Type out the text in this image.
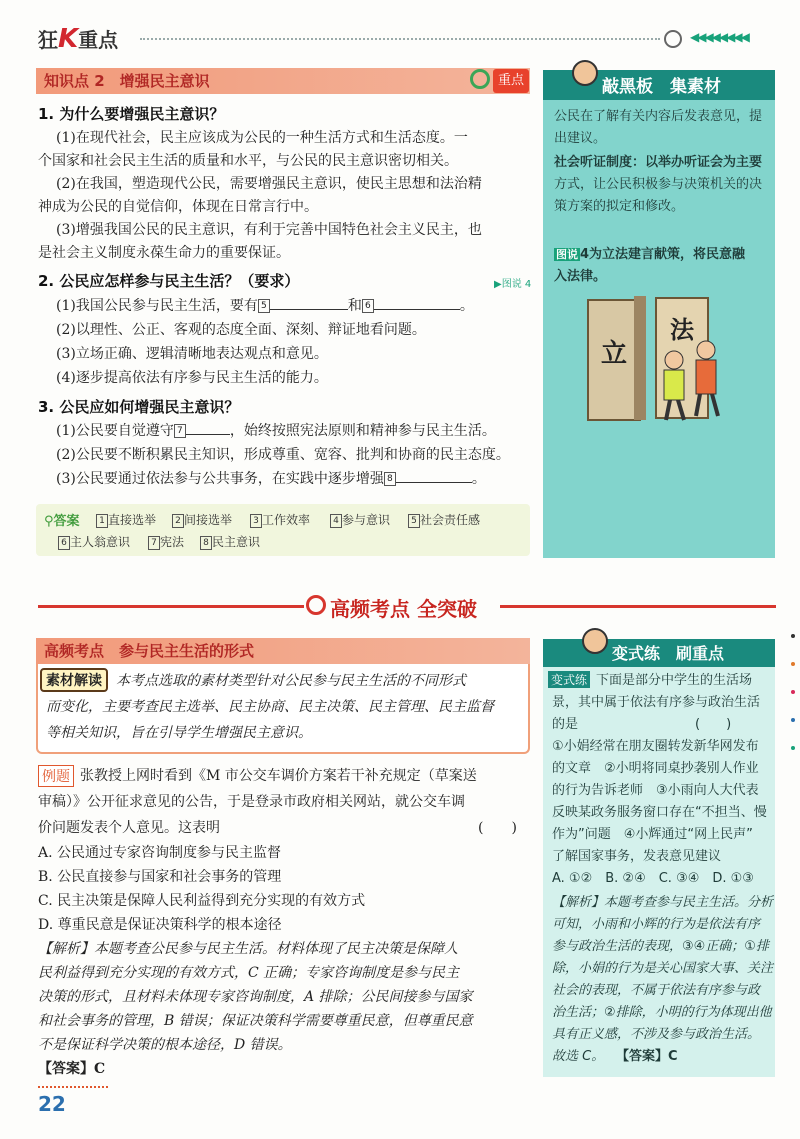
狂K重点	◀◀◀◀◀◀◀◀
知识点 2　增强民主意识	重点
1. 为什么要增强民主意识？
(1)在现代社会，民主应该成为公民的一种生活方式和生活态度。一
个国家和社会民主生活的质量和水平，与公民的民主意识密切相关。
(2)在我国，塑造现代公民，需要增强民主意识，使民主思想和法治精
神成为公民的自觉信仰，体现在日常言行中。
(3)增强我国公民的民主意识，有利于完善中国特色社会主义民主，也
是社会主义制度永葆生命力的重要保证。
2. 公民应怎样参与民主生活？（要求）	▶图说 4
(1)我国公民参与民主生活，要有 5	和 6	。
(2)以理性、公正、客观的态度全面、深刻、辩证地看问题。
(3)立场正确、逻辑清晰地表达观点和意见。
(4)逐步提高依法有序参与民主生活的能力。
3. 公民应如何增强民主意识？
(1)公民要自觉遵守 7	，始终按照宪法原则和精神参与民主生活。
(2)公民要不断积累民主知识，形成尊重、宽容、批判和协商的民主态度。
(3)公民要通过依法参与公共事务，在实践中逐步增强 8	。
⚲答案	1 直接选举	2 间接选举	3 工作效率	4 参与意识	5 社会责任感
6 主人翁意识	7 宪法	8 民主意识
敲黑板　集素材
公民在了解有关内容后发表意见，提
出建议。
社会听证制度：以举办听证会为主要
方式，让公民积极参与决策机关的决
策方案的拟定和修改。
图说 4为立法建言献策，将民意融
入法律。
立
法
高频考点 全突破
高频考点　参与民主生活的形式
素材解读	本考点选取的素材类型针对公民参与民主生活的不同形式
而变化，主要考查民主选举、民主协商、民主决策、民主管理、民主监督
等相关知识，旨在引导学生增强民主意识。
例题 张教授上网时看到《M 市公交车调价方案若干补充规定（草案送
审稿）》公开征求意见的公告，于是登录市政府相关网站，就公交车调
价问题发表个人意见。这表明	(　　)
A. 公民通过专家咨询制度参与民主监督
B. 公民直接参与国家和社会事务的管理
C. 民主决策是保障人民利益得到充分实现的有效方式
D. 尊重民意是保证决策科学的根本途径
【解析】本题考查公民参与民主生活。材料体现了民主决策是保障人
民利益得到充分实现的有效方式，C 正确；专家咨询制度是参与民主
决策的形式，且材料未体现专家咨询制度，A 排除；公民间接参与国家
和社会事务的管理，B 错误；保证决策科学需要尊重民意，但尊重民意
不是保证科学决策的根本途径，D 错误。
【答案】C
变式练　刷重点
变式练 下面是部分中学生的生活场
景，其中属于依法有序参与政治生活
的是　　　　　　　　　(　　)
①小娟经常在朋友圈转发新华网发布
的文章　②小明将同桌抄袭别人作业
的行为告诉老师　③小雨向人大代表
反映某政务服务窗口存在“不担当、慢
作为”问题　④小辉通过“网上民声”
了解国家事务，发表意见建议
A. ①②　B. ②④　C. ③④　D. ①③
【解析】本题考查参与民主生活。分析
可知，小雨和小辉的行为是依法有序
参与政治生活的表现，③④正确；①排
除，小娟的行为是关心国家大事、关注
社会的表现，不属于依法有序参与政
治生活；②排除，小明的行为体现出他
具有正义感，不涉及参与政治生活。
故选 C。 【答案】C
22
